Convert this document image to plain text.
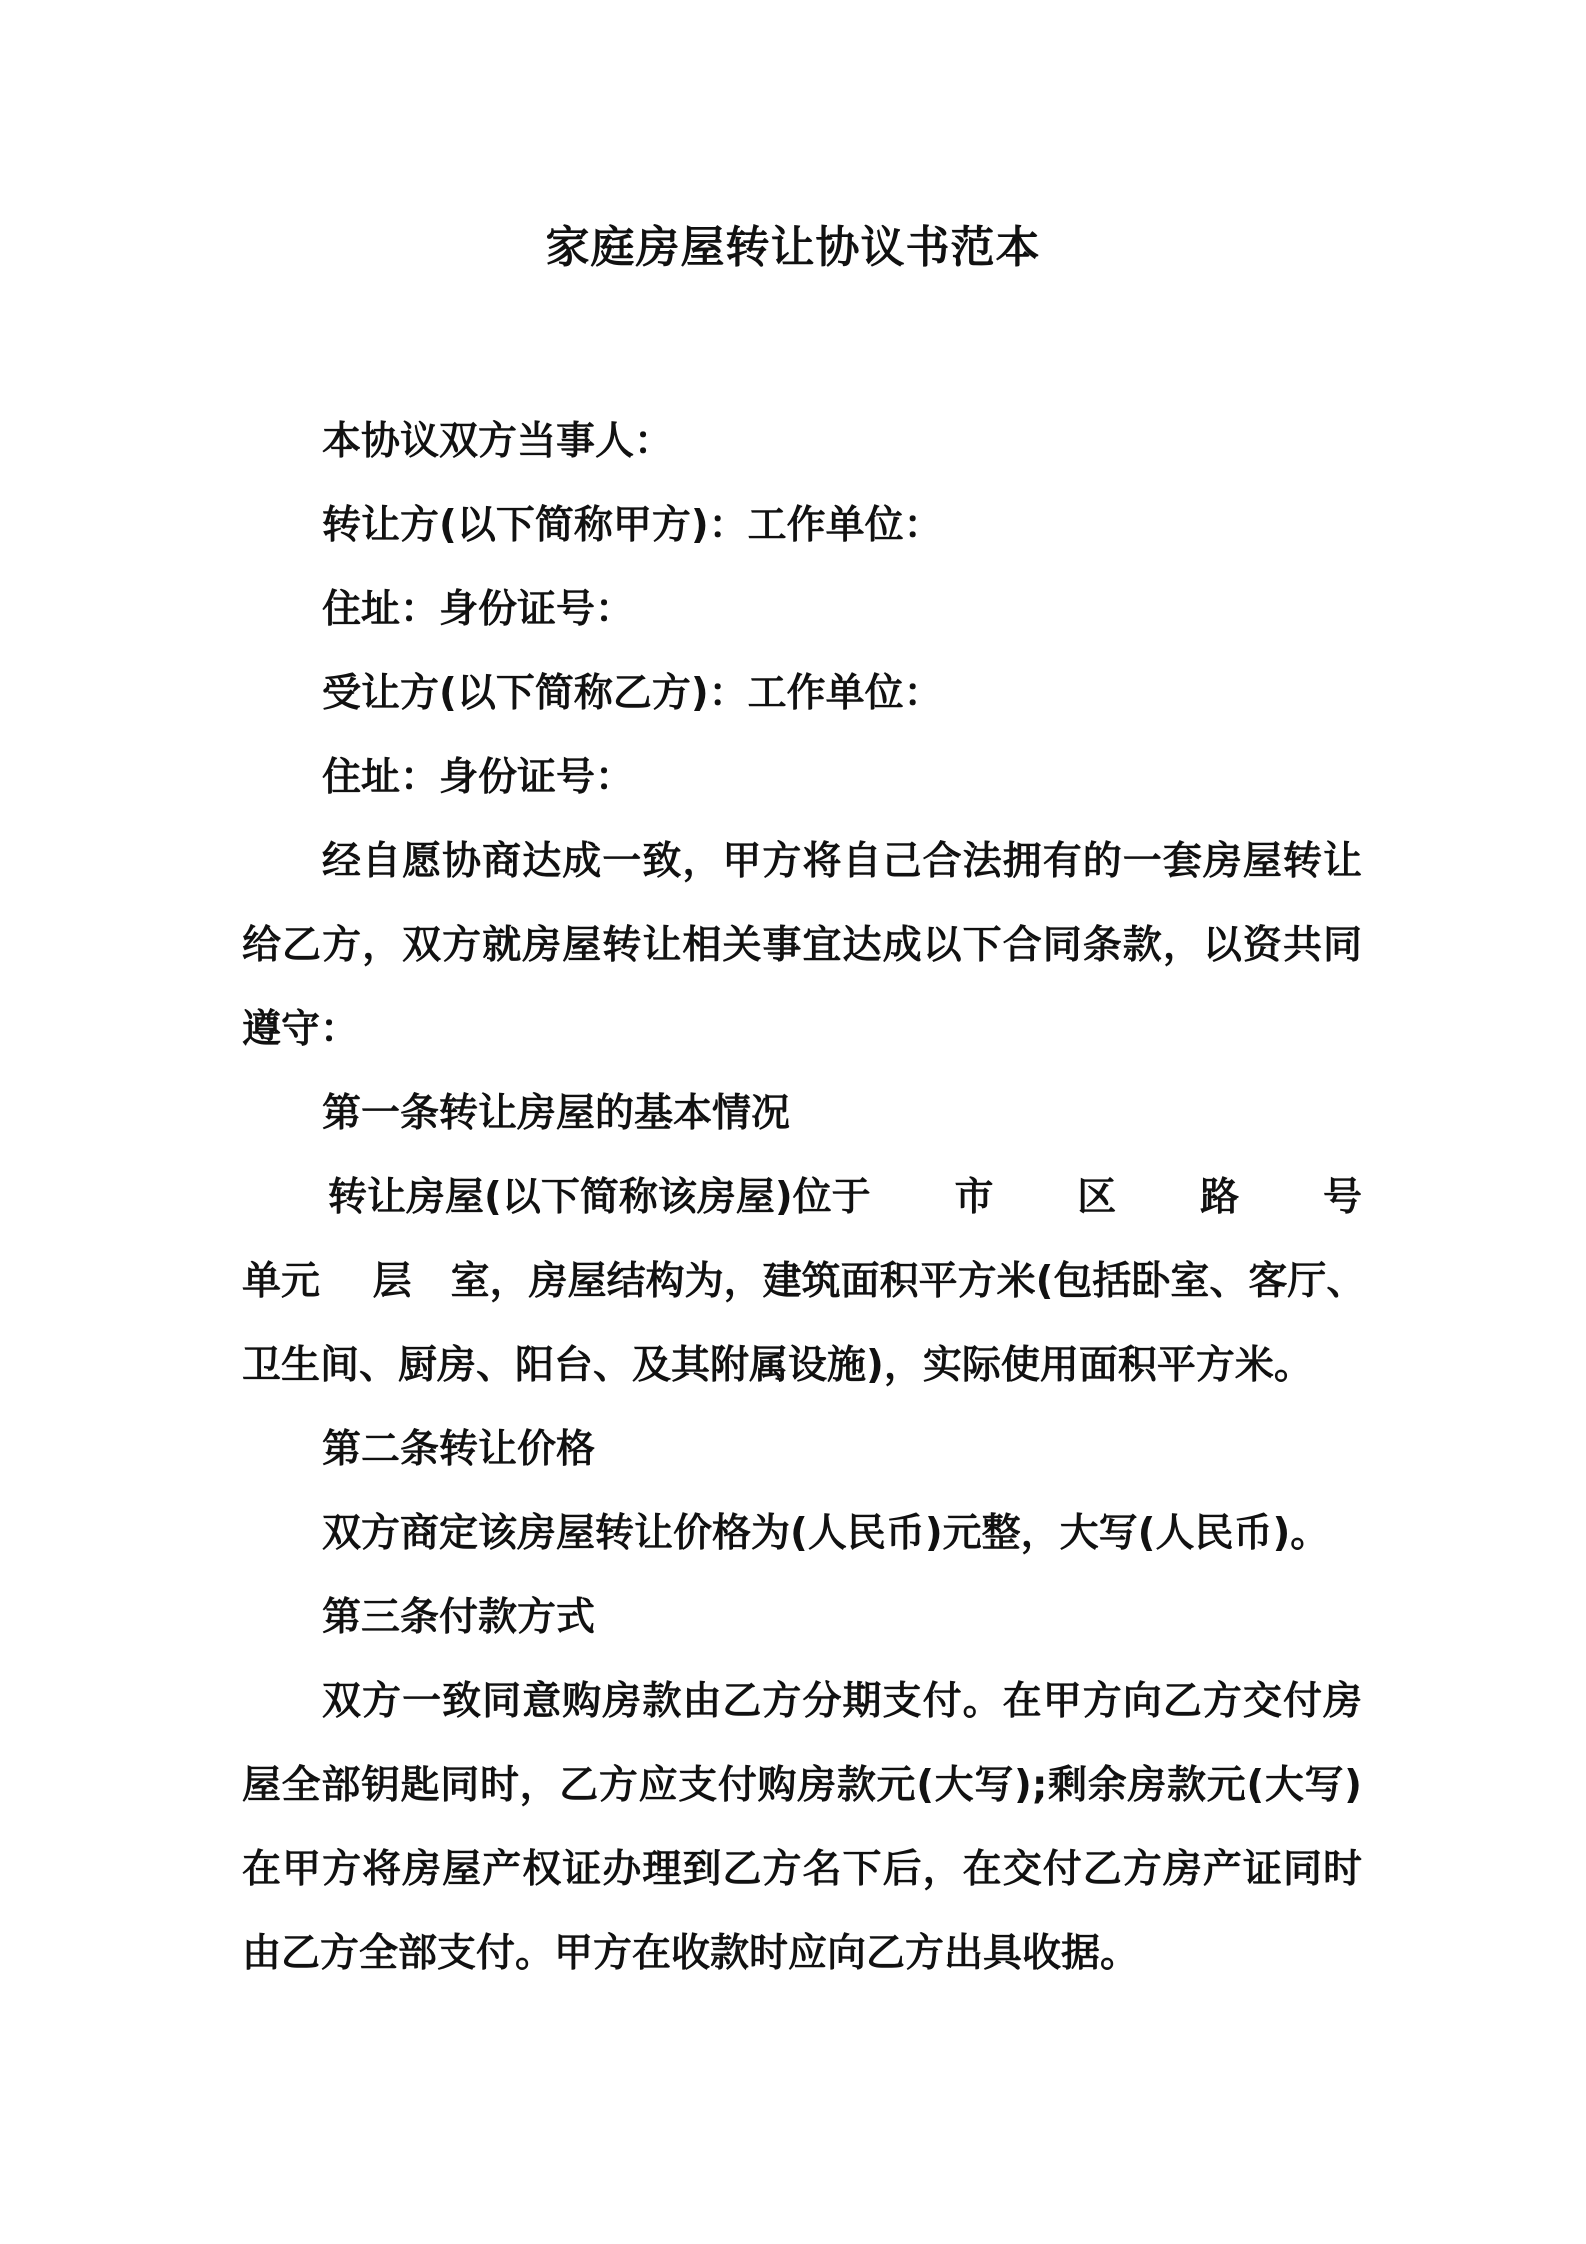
家庭房屋转让协议书范本
本协议双方当事人：
转让方(以下简称甲方)：工作单位：
住址：身份证号：
受让方(以下简称乙方)：工作单位：
住址：身份证号：
经自愿协商达成一致，甲方将自己合法拥有的一套房屋转让
给乙方，双方就房屋转让相关事宜达成以下合同条款，以资共同
遵守：
第一条转让房屋的基本情况
转让房屋(以下简称该房屋)位于 市 区 路 号
单元　 层　室，房屋结构为，建筑面积平方米(包括卧室、客厅、
卫生间、厨房、阳台、及其附属设施)，实际使用面积平方米。
第二条转让价格
双方商定该房屋转让价格为(人民币)元整，大写(人民币)。
第三条付款方式
双方一致同意购房款由乙方分期支付。在甲方向乙方交付房
屋全部钥匙同时，乙方应支付购房款元(大写);剩余房款元(大写)
在甲方将房屋产权证办理到乙方名下后，在交付乙方房产证同时
由乙方全部支付。甲方在收款时应向乙方出具收据。
